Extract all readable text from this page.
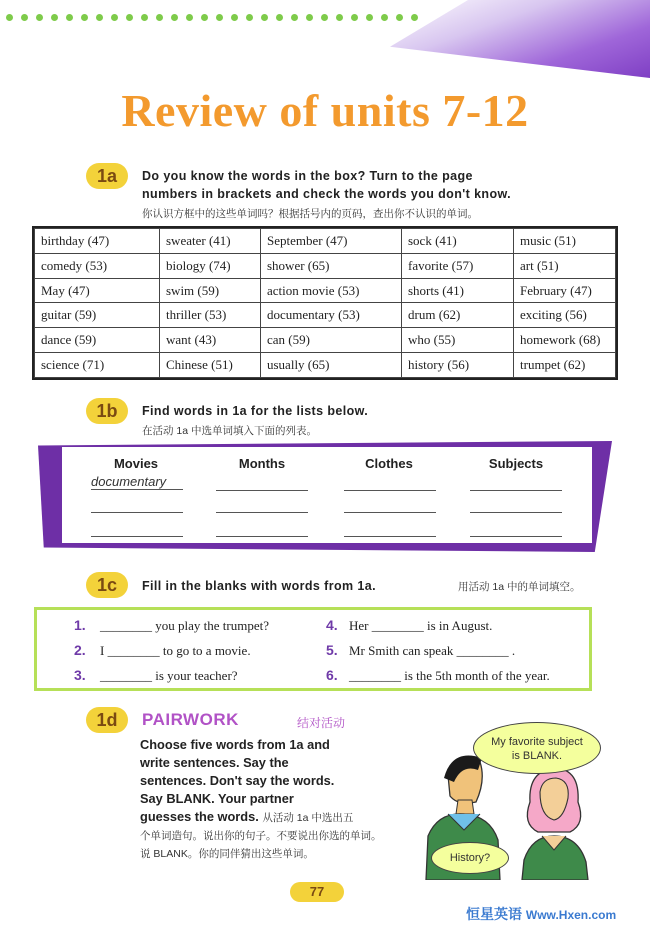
Review of units 7-12
1a	Do you know the words in the box? Turn to the page
numbers in brackets and check the words you don't know.
你认识方框中的这些单词吗？根据括号内的页码，查出你不认识的单词。
birthday (47)	sweater (41)	September (47)	sock (41)	music (51)
comedy (53)	biology (74)	shower (65)	favorite (57)	art (51)
May (47)	swim (59)	action movie (53)	shorts (41)	February (47)
guitar (59)	thriller (53)	documentary (53)	drum (62)	exciting (56)
dance (59)	want (43)	can (59)	who (55)	homework (68)
science (71)	Chinese (51)	usually (65)	history (56)	trumpet (62)
1b	Find words in 1a for the lists below.
在活动 1a 中选单词填入下面的列表。
Movies	Months	Clothes	Subjects
documentary
1c	Fill in the blanks with words from 1a.	用活动 1a 中的单词填空。
1. ________ you play the trumpet?
2. I ________ to go to a movie.
3. ________ is your teacher?
4. Her ________ is in August.
5. Mr Smith can speak ________ .
6. ________ is the 5th month of the year.
1d	PAIRWORK	结对活动
Choose five words from 1a and
write sentences. Say the
sentences. Don't say the words.
Say BLANK. Your partner
guesses the words. 从活动 1a 中选出五
个单词造句。说出你的句子。不要说出你选的单词。
说 BLANK。你的同伴猜出这些单词。
My favorite subject
is BLANK.
History?
77
恒星英语 Www.Hxen.com
